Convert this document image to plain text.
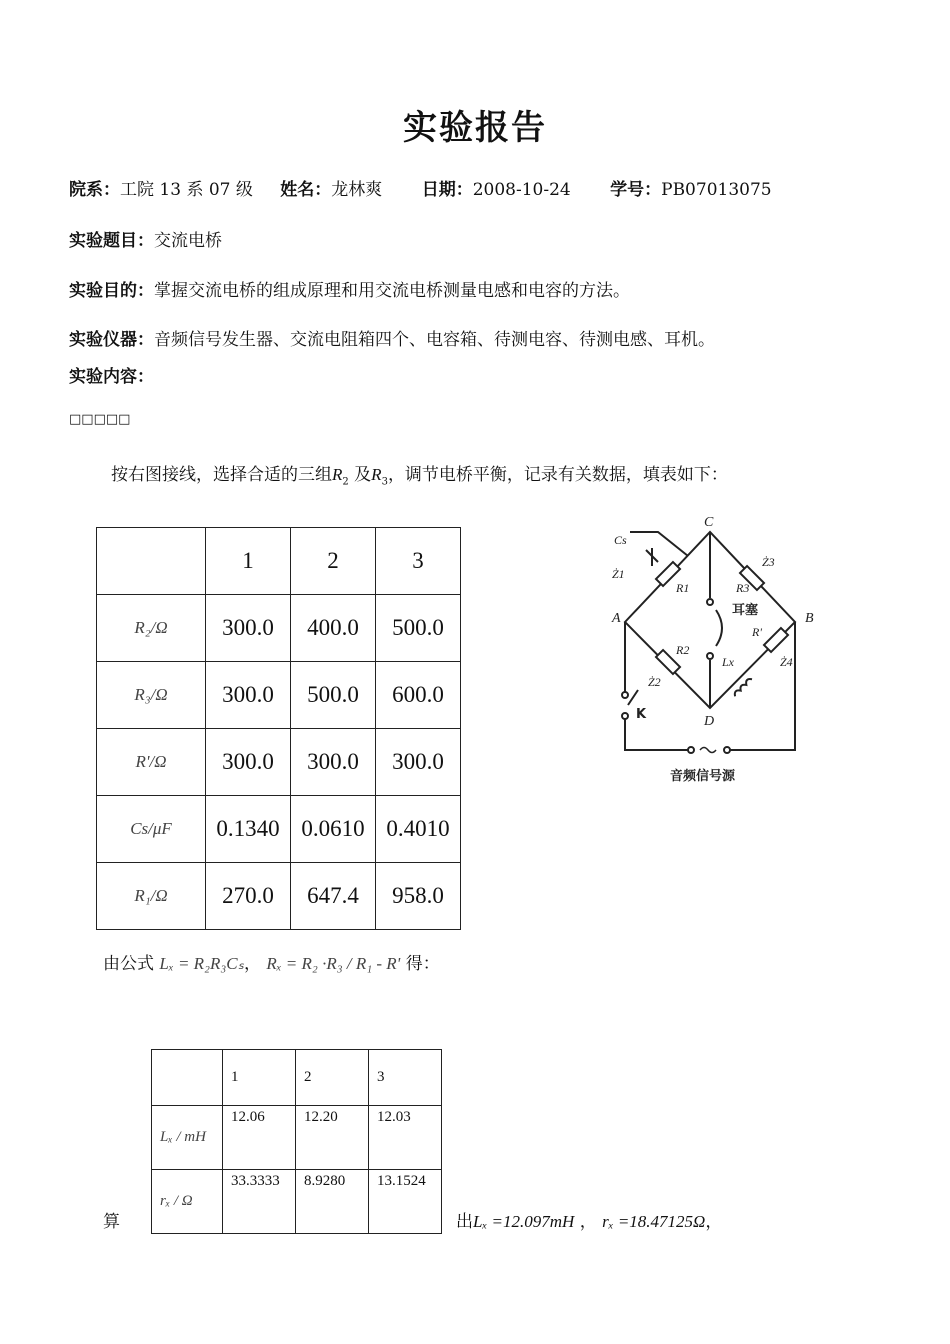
实验报告
院系：工院 13 系 07 级 姓名：龙林爽 日期：2008-10-24 学号：PB07013075
实验题目：交流电桥
实验目的：掌握交流电桥的组成原理和用交流电桥测量电感和电容的方法。
实验仪器：音频信号发生器、交流电阻箱四个、电容箱、待测电容、待测电感、耳机。
实验内容：
□□□□□
按右图接线，选择合适的三组$R_2$ 及$R_3$，调节电桥平衡，记录有关数据，填表如下：
	1	2	3
R₂/Ω	300.0	400.0	500.0
R₃/Ω	300.0	500.0	600.0
R'/Ω	300.0	300.0	300.0
Cs/μF	0.1340	0.0610	0.4010
R₁/Ω	270.0	647.4	958.0
A	B
C
D
Cs
Ż1
R1
R2
Ż2
R3
Ż3
R'
Ż4
Lx
耳塞
K
音频信号源
由公式 Lₓ = R₂R₃Cₛ， Rₓ = R₂ ·R₃ / R₁ - R' 得：
	1	2	3
Lₓ / mH	12.06	12.20	12.03
rₓ / Ω	33.3333	8.9280	13.1524
算	出Lₓ =12.097mH ， rₓ =18.47125Ω，
